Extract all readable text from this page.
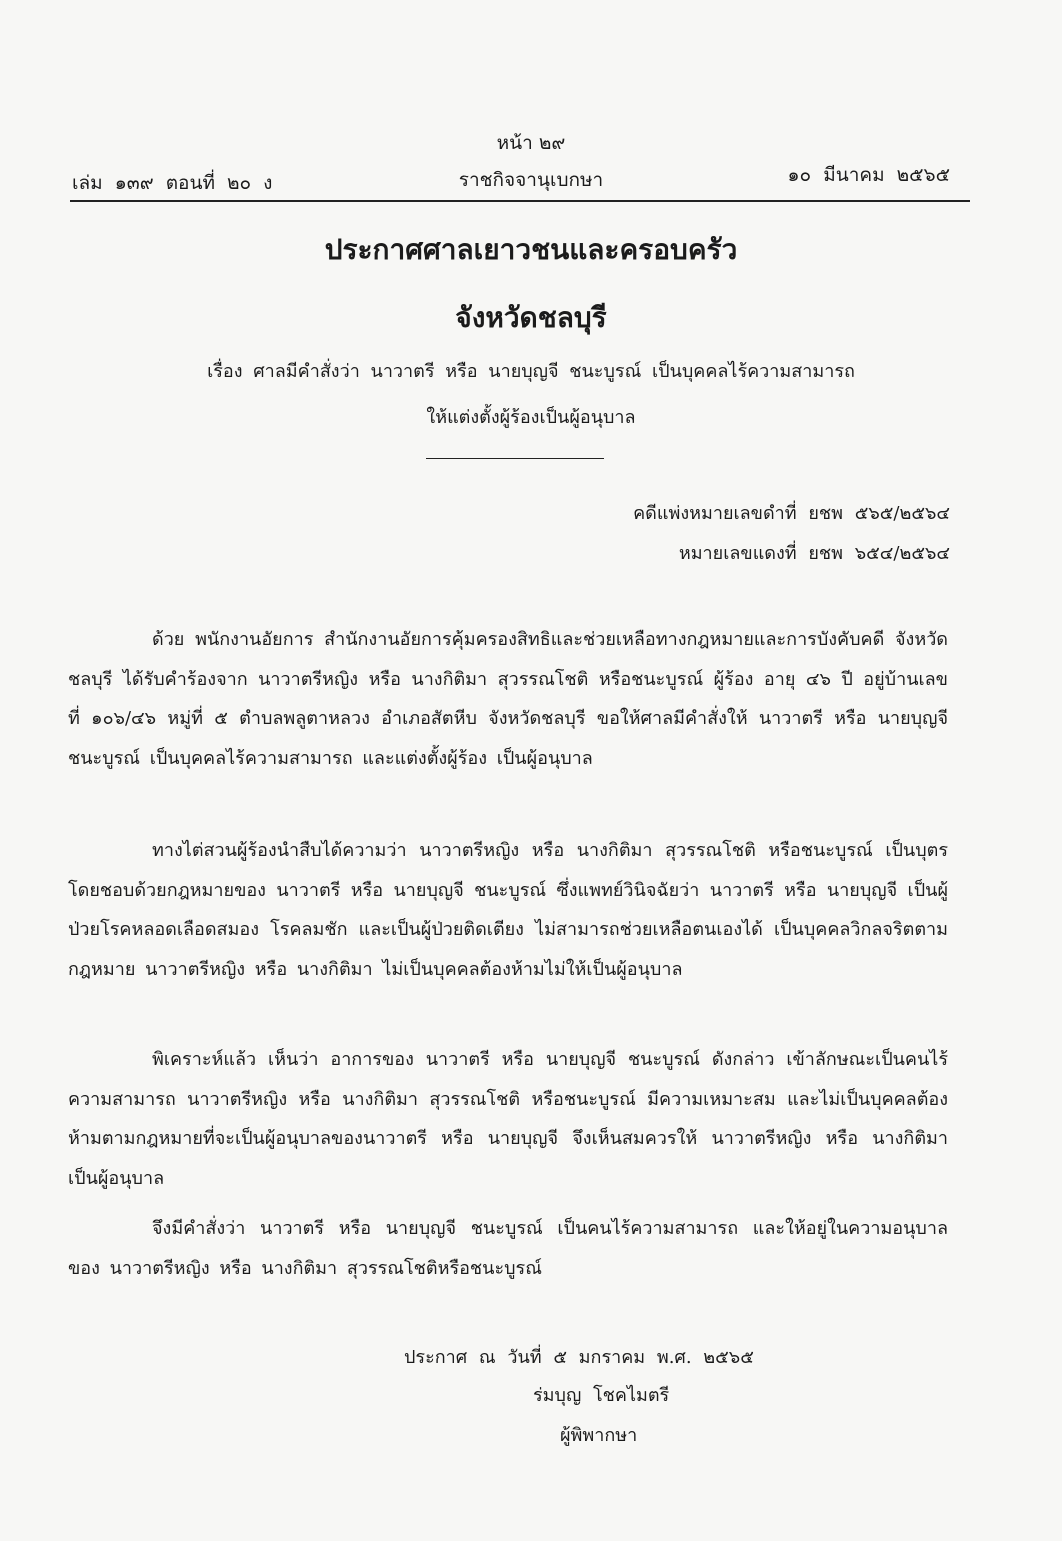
หน้า ๒๙
เล่ม ๑๓๙ ตอนที่ ๒๐ ง	ราชกิจจานุเบกษา	๑๐ มีนาคม ๒๕๖๕
ประกาศศาลเยาวชนและครอบครัว
จังหวัดชลบุรี
เรื่อง ศาลมีคำสั่งว่า นาวาตรี หรือ นายบุญจี ชนะบูรณ์ เป็นบุคคลไร้ความสามารถ
ให้แต่งตั้งผู้ร้องเป็นผู้อนุบาล
คดีแพ่งหมายเลขดำที่ ยชพ ๕๖๕/๒๕๖๔
หมายเลขแดงที่ ยชพ ๖๕๔/๒๕๖๔
ด้วย พนักงานอัยการ สำนักงานอัยการคุ้มครองสิทธิและช่วยเหลือทางกฎหมายและการบังคับคดี จังหวัดชลบุรี ได้รับคำร้องจาก นาวาตรีหญิง หรือ นางกิติมา สุวรรณโชติ หรือชนะบูรณ์ ผู้ร้อง อายุ ๔๖ ปี อยู่บ้านเลขที่ ๑๐๖/๔๖ หมู่ที่ ๕ ตำบลพลูตาหลวง อำเภอสัตหีบ จังหวัดชลบุรี ขอให้ศาลมีคำสั่งให้ นาวาตรี หรือ นายบุญจี ชนะบูรณ์ เป็นบุคคลไร้ความสามารถ และแต่งตั้งผู้ร้อง เป็นผู้อนุบาล
ทางไต่สวนผู้ร้องนำสืบได้ความว่า นาวาตรีหญิง หรือ นางกิติมา สุวรรณโชติ หรือชนะบูรณ์ เป็นบุตรโดยชอบด้วยกฎหมายของ นาวาตรี หรือ นายบุญจี ชนะบูรณ์ ซึ่งแพทย์วินิจฉัยว่า นาวาตรี หรือ นายบุญจี เป็นผู้ป่วยโรคหลอดเลือดสมอง โรคลมชัก และเป็นผู้ป่วยติดเตียง ไม่สามารถช่วยเหลือตนเองได้ เป็นบุคคลวิกลจริตตามกฎหมาย นาวาตรีหญิง หรือ นางกิติมา ไม่เป็นบุคคลต้องห้ามไม่ให้เป็นผู้อนุบาล
พิเคราะห์แล้ว เห็นว่า อาการของ นาวาตรี หรือ นายบุญจี ชนะบูรณ์ ดังกล่าว เข้าลักษณะเป็นคนไร้ความสามารถ นาวาตรีหญิง หรือ นางกิติมา สุวรรณโชติ หรือชนะบูรณ์ มีความเหมาะสม และไม่เป็นบุคคลต้องห้ามตามกฎหมายที่จะเป็นผู้อนุบาลของนาวาตรี หรือ นายบุญจี จึงเห็นสมควรให้ นาวาตรีหญิง หรือ นางกิติมา เป็นผู้อนุบาล
จึงมีคำสั่งว่า นาวาตรี หรือ นายบุญจี ชนะบูรณ์ เป็นคนไร้ความสามารถ และให้อยู่ในความอนุบาลของ นาวาตรีหญิง หรือ นางกิติมา สุวรรณโชติหรือชนะบูรณ์
ประกาศ ณ วันที่ ๕ มกราคม พ.ศ. ๒๕๖๕
ร่มบุญ โชคไมตรี
ผู้พิพากษา
